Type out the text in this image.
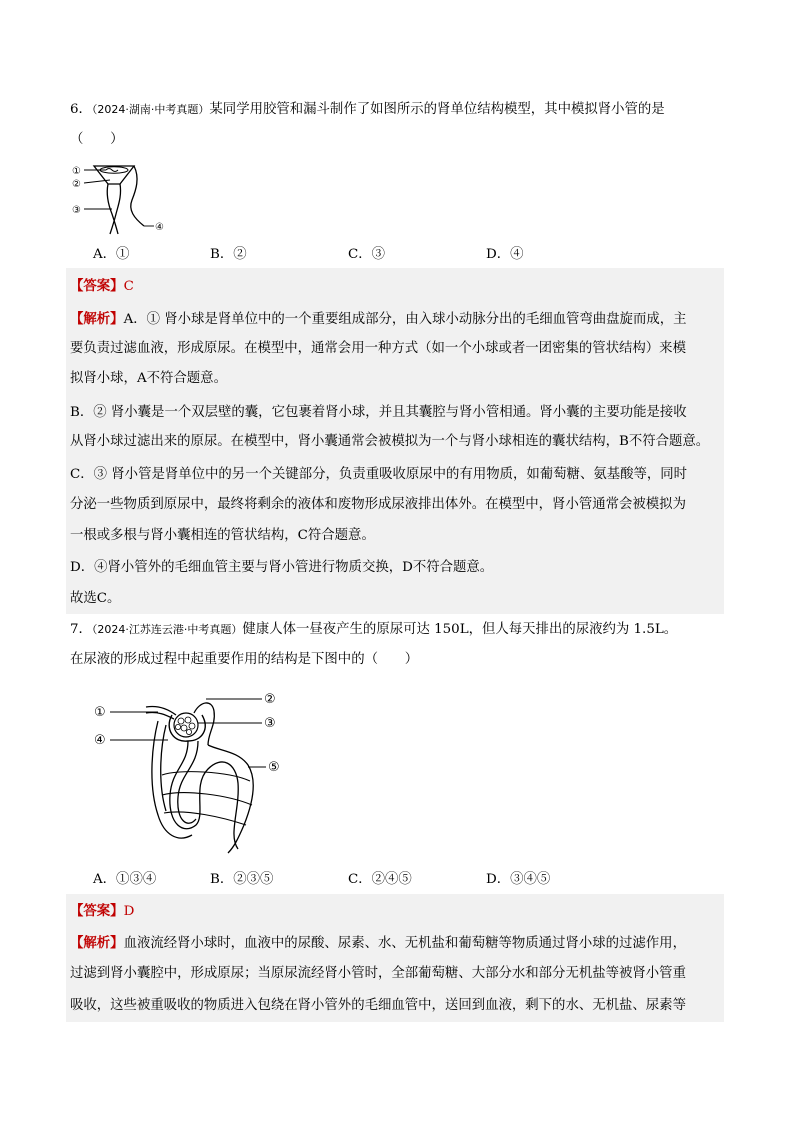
6．（2024·湖南·中考真题）某同学用胶管和漏斗制作了如图所示的肾单位结构模型，其中模拟肾小管的是
（　　）
①
②
③
④
A．①	B．②	C．③	D．④
【答案】C
【解析】A．① 肾小球是肾单位中的一个重要组成部分，由入球小动脉分出的毛细血管弯曲盘旋而成，主
要负责过滤血液，形成原尿。在模型中，通常会用一种方式（如一个小球或者一团密集的管状结构）来模
拟肾小球，A不符合题意。
B．② 肾小囊是一个双层壁的囊，它包裹着肾小球，并且其囊腔与肾小管相通。肾小囊的主要功能是接收
从肾小球过滤出来的原尿。在模型中，肾小囊通常会被模拟为一个与肾小球相连的囊状结构，B不符合题意。
C．③ 肾小管是肾单位中的另一个关键部分，负责重吸收原尿中的有用物质，如葡萄糖、氨基酸等，同时
分泌一些物质到原尿中，最终将剩余的液体和废物形成尿液排出体外。在模型中，肾小管通常会被模拟为
一根或多根与肾小囊相连的管状结构，C符合题意。
D．④肾小管外的毛细血管主要与肾小管进行物质交换，D不符合题意。
故选C。
7．（2024·江苏连云港·中考真题）健康人体一昼夜产生的原尿可达 150L，但人每天排出的尿液约为 1.5L。
在尿液的形成过程中起重要作用的结构是下图中的（　　）
①
②
③
④
⑤
A．①③④	B．②③⑤	C．②④⑤	D．③④⑤
【答案】D
【解析】血液流经肾小球时，血液中的尿酸、尿素、水、无机盐和葡萄糖等物质通过肾小球的过滤作用，
过滤到肾小囊腔中，形成原尿；当原尿流经肾小管时，全部葡萄糖、大部分水和部分无机盐等被肾小管重
吸收，这些被重吸收的物质进入包绕在肾小管外的毛细血管中，送回到血液，剩下的水、无机盐、尿素等
